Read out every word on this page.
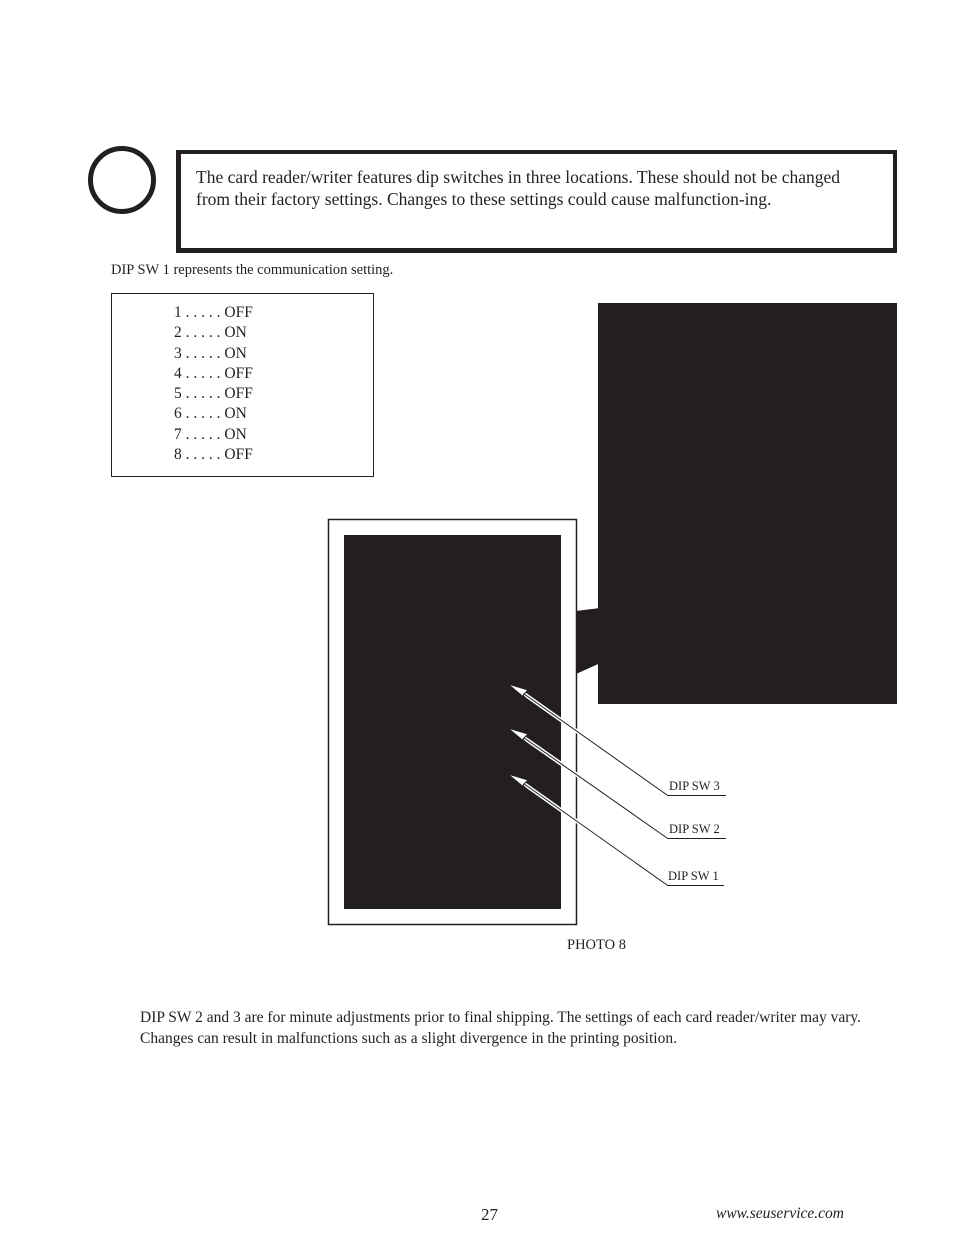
The card reader/writer features dip switches in three locations. These should not be changed from their factory settings. Changes to these settings could cause malfunction-ing.
DIP SW 1 represents the communication setting.
1 . . . . . OFF
2 . . . . . ON
3 . . . . . ON
4 . . . . . OFF
5 . . . . . OFF
6 . . . . . ON
7 . . . . . ON
8 . . . . . OFF
DIP SW 3
DIP SW 2
DIP SW 1
PHOTO 8
DIP SW 2 and 3 are for minute adjustments prior to final shipping. The settings of each card reader/writer may vary. Changes can result in malfunctions such as a slight divergence in the printing position.
27	www.seuservice.com
